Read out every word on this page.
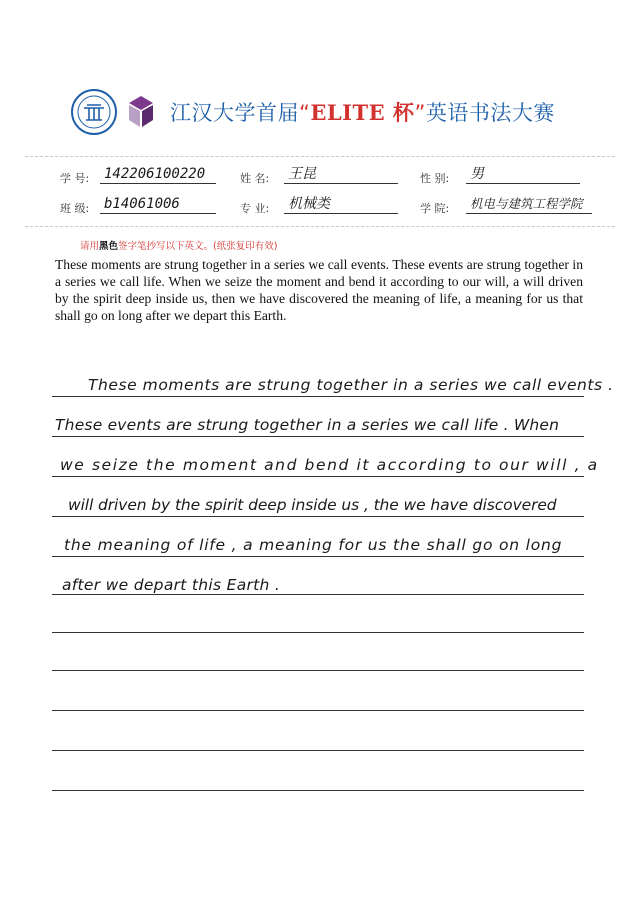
江汉大学首届“ELITE 杯”英语书法大赛
学 号: 142206100220	姓 名: 王昆	性 别: 男
班 级: b14061006	专 业: 机械类	学 院:	机电与建筑工程学院
请用黑色签字笔抄写以下英文。(纸张复印有效)
These moments are strung together in a series we call events. These events are strung together in a series we call life. When we seize the moment and bend it according to our will, a will driven by the spirit deep inside us, then we have discovered the meaning of life, a meaning for us that shall go on long after we depart this Earth.
These moments are strung together in a series we call events .
These events are strung together in a series we call life . When
we seize the moment and bend it according to our will , a
will driven by the spirit deep inside us , the we have discovered
the meaning of life , a meaning for us the shall go on long
after we depart this Earth .
